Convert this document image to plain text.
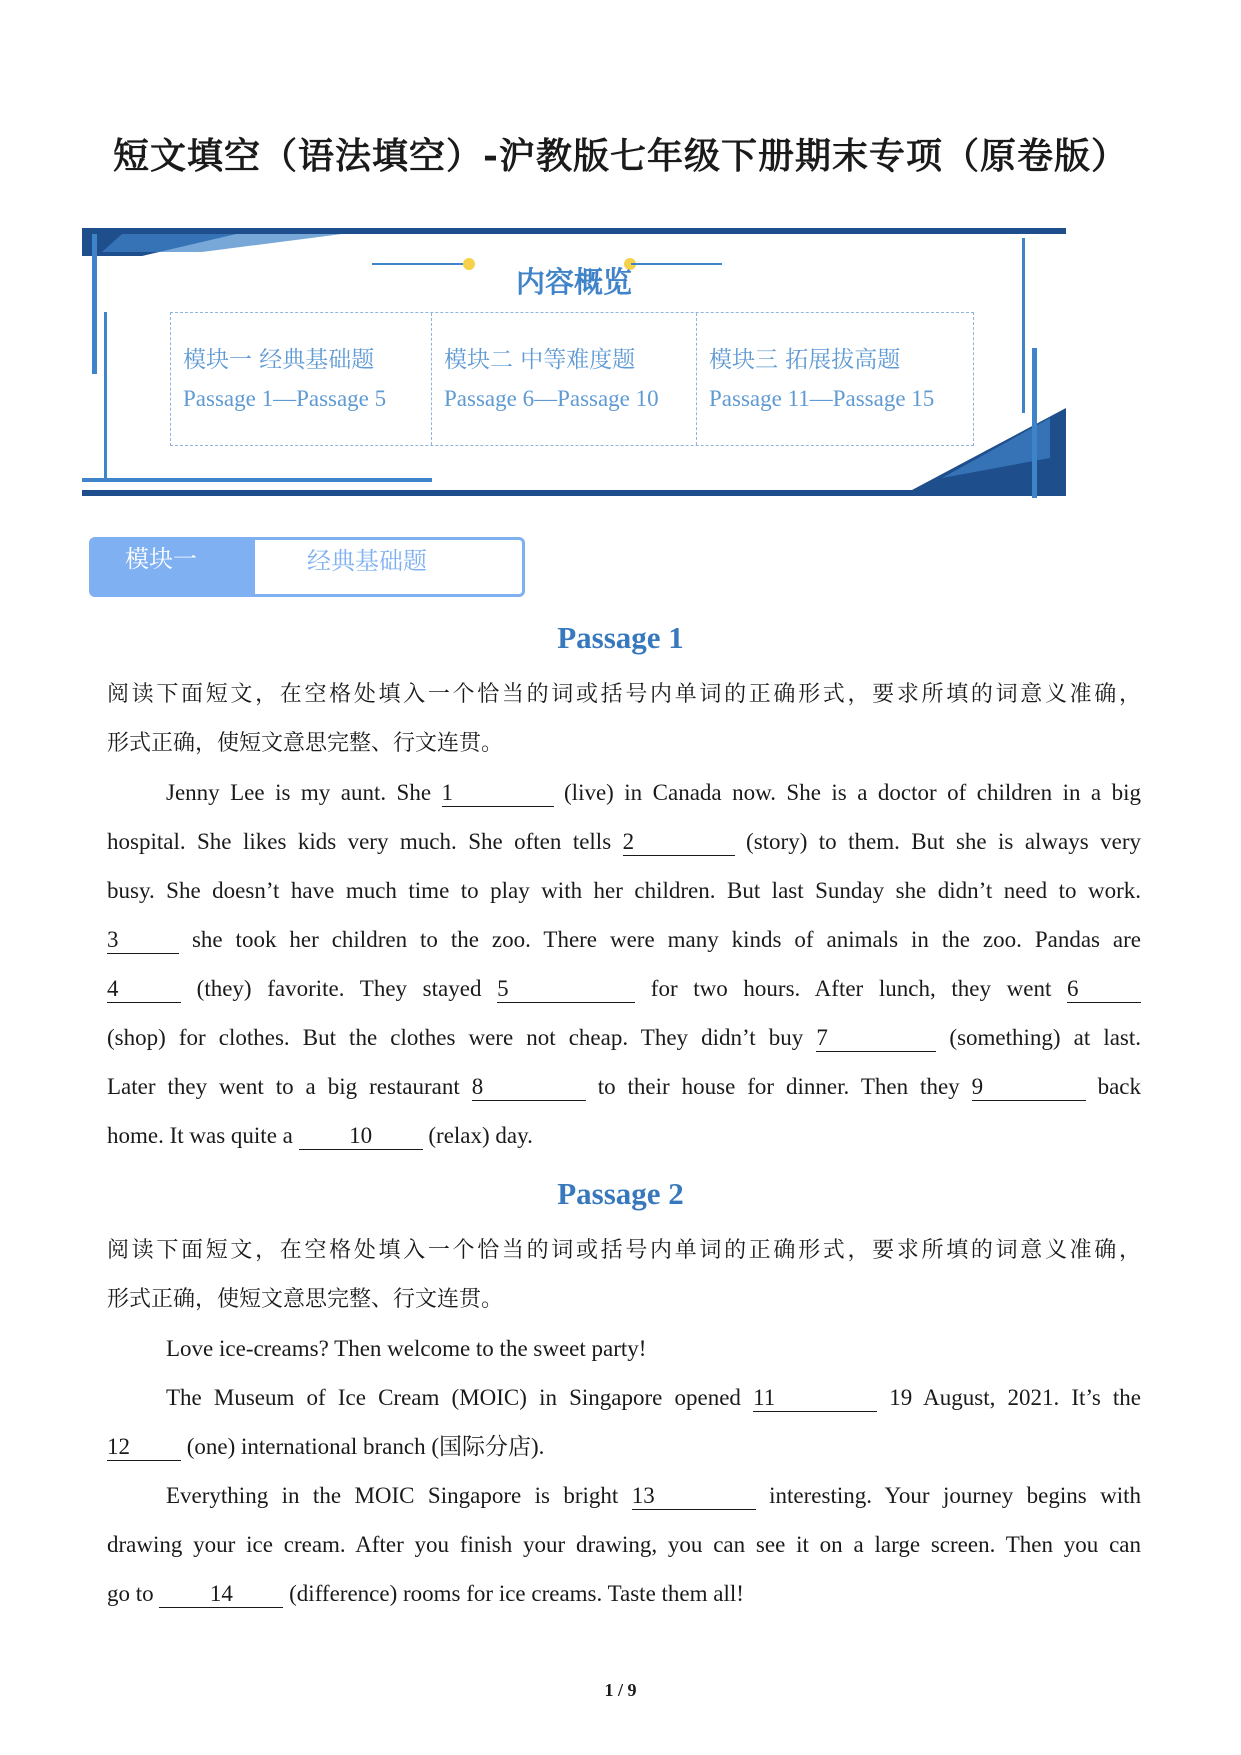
短文填空（语法填空）-沪教版七年级下册期末专项（原卷版）
内容概览
模块一 经典基础题
Passage 1—Passage 5
模块二 中等难度题
Passage 6—Passage 10
模块三 拓展拔高题
Passage 11—Passage 15
模块一	经典基础题
Passage 1
阅读下面短文，在空格处填入一个恰当的词或括号内单词的正确形式，要求所填的词意义准确，
形式正确，使短文意思完整、行文连贯。
Jenny Lee is my aunt. She 1	(live) in Canada now. She is a doctor of children in a big
hospital. She likes kids very much. She often tells 2	(story) to them. But she is always very
busy. She doesn’t have much time to play with her children. But last Sunday she didn’t need to work.
3	she took her children to the zoo. There were many kinds of animals in the zoo. Pandas are
4	(they) favorite. They stayed 5	for two hours. After lunch, they went 6
(shop) for clothes. But the clothes were not cheap. They didn’t buy 7	(something) at last.
Later they went to a big restaurant 8	to their house for dinner. Then they 9	back
home. It was quite a 10 (relax) day.
Passage 2
阅读下面短文，在空格处填入一个恰当的词或括号内单词的正确形式，要求所填的词意义准确，
形式正确，使短文意思完整、行文连贯。
Love ice-creams? Then welcome to the sweet party!
The Museum of Ice Cream (MOIC) in Singapore opened 11	19 August, 2021. It’s the
12 (one) international branch (国际分店).
Everything in the MOIC Singapore is bright 13	interesting. Your journey begins with
drawing your ice cream. After you finish your drawing, you can see it on a large screen. Then you can
go to 14 (difference) rooms for ice creams. Taste them all!
1 / 9
